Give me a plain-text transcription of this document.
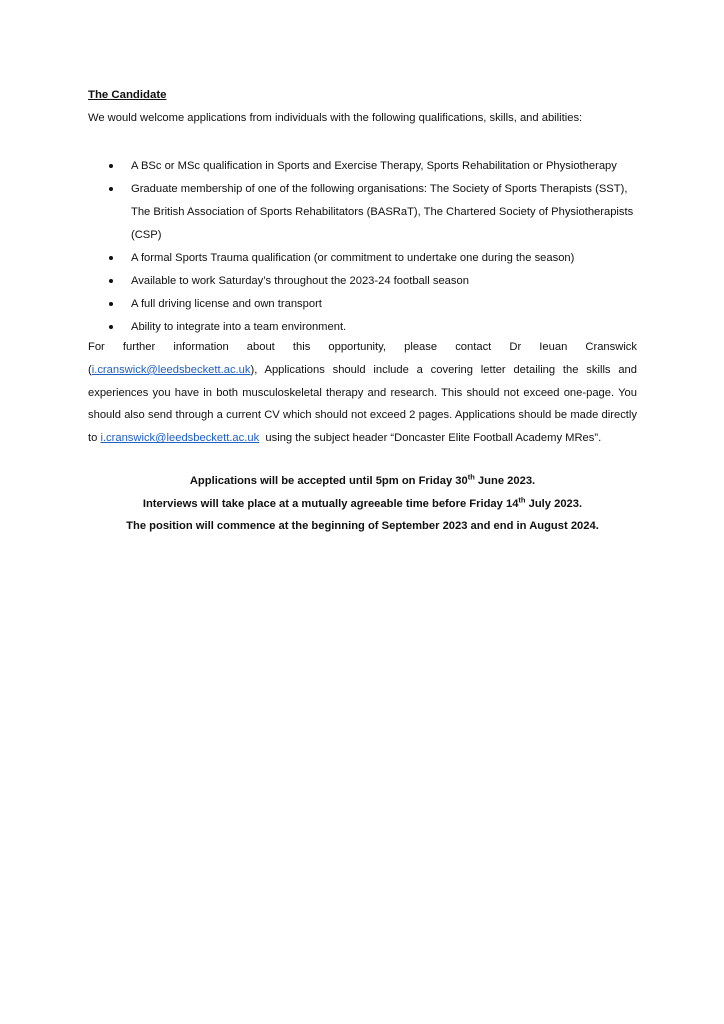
The Candidate
We would welcome applications from individuals with the following qualifications, skills, and abilities:
A BSc or MSc qualification in Sports and Exercise Therapy, Sports Rehabilitation or Physiotherapy
Graduate membership of one of the following organisations: The Society of Sports Therapists (SST), The British Association of Sports Rehabilitators (BASRaT), The Chartered Society of Physiotherapists (CSP)
A formal Sports Trauma qualification (or commitment to undertake one during the season)
Available to work Saturday’s throughout the 2023-24 football season
A full driving license and own transport
Ability to integrate into a team environment.
For further information about this opportunity, please contact Dr Ieuan Cranswick
(i.cranswick@leedsbeckett.ac.uk), Applications should include a covering letter detailing the skills and experiences you have in both musculoskeletal therapy and research. This should not exceed one-page. You should also send through a current CV which should not exceed 2 pages. Applications should be made directly to i.cranswick@leedsbeckett.ac.uk using the subject header “Doncaster Elite Football Academy MRes”.
Applications will be accepted until 5pm on Friday 30th June 2023.
Interviews will take place at a mutually agreeable time before Friday 14th July 2023.
The position will commence at the beginning of September 2023 and end in August 2024.
